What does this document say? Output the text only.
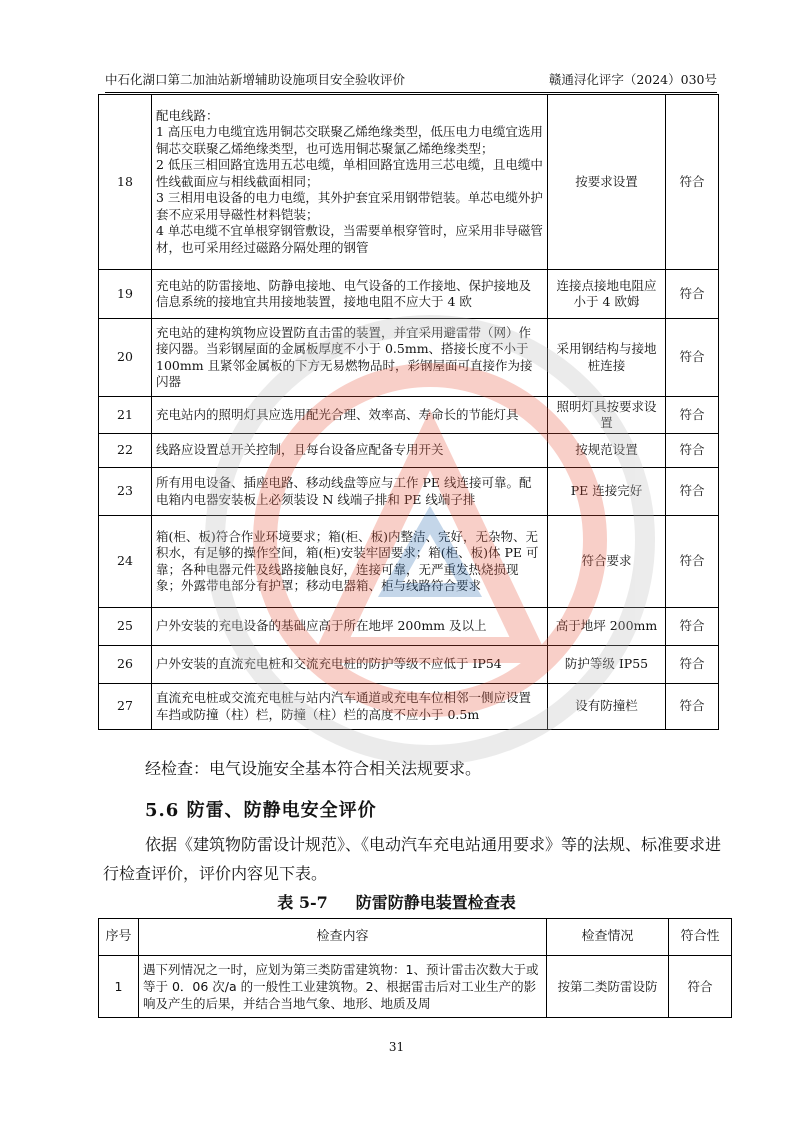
中石化湖口第二加油站新增辅助设施项目安全验收评价	赣通浔化评字（2024）030号
18	配电线路：
1 高压电力电缆宜选用铜芯交联聚乙烯绝缘类型，低压电力电缆宜选用铜芯交联聚乙烯绝缘类型，也可选用铜芯聚氯乙烯绝缘类型；
2 低压三相回路宜选用五芯电缆，单相回路宜选用三芯电缆，且电缆中性线截面应与相线截面相同；
3 三相用电设备的电力电缆，其外护套宜采用钢带铠装。单芯电缆外护套不应采用导磁性材料铠装；
4 单芯电缆不宜单根穿钢管敷设，当需要单根穿管时，应采用非导磁管材，也可采用经过磁路分隔处理的钢管	按要求设置	符合
19	充电站的防雷接地、防静电接地、电气设备的工作接地、保护接地及信息系统的接地宜共用接地装置，接地电阻不应大于 4 欧	连接点接地电阻应小于 4 欧姆	符合
20	充电站的建构筑物应设置防直击雷的装置，并宜采用避雷带（网）作接闪器。当彩钢屋面的金属板厚度不小于 0.5mm、搭接长度不小于 100mm 且紧邻金属板的下方无易燃物品时，彩钢屋面可直接作为接闪器	采用钢结构与接地桩连接	符合
21	充电站内的照明灯具应选用配光合理、效率高、寿命长的节能灯具	照明灯具按要求设置	符合
22	线路应设置总开关控制，且每台设备应配备专用开关	按规范设置	符合
23	所有用电设备、插座电路、移动线盘等应与工作 PE 线连接可靠。配电箱内电器安装板上必须装设 N 线端子排和 PE 线端子排	PE 连接完好	符合
24	箱(柜、板)符合作业环境要求；箱(柜、板)内整洁、完好，无杂物、无积水，有足够的操作空间，箱(柜)安装牢固要求；箱(柜、板)体 PE 可靠；各种电器元件及线路接触良好，连接可靠，无严重发热烧损现象；外露带电部分有护罩；移动电器箱、柜与线路符合要求	符合要求	符合
25	户外安装的充电设备的基础应高于所在地坪 200mm 及以上	高于地坪 200mm	符合
26	户外安装的直流充电桩和交流充电桩的防护等级不应低于 IP54	防护等级 IP55	符合
27	直流充电桩或交流充电桩与站内汽车通道或充电车位相邻一侧应设置车挡或防撞（柱）栏，防撞（柱）栏的高度不应小于 0.5m	设有防撞栏	符合
经检查：电气设施安全基本符合相关法规要求。
5.6 防雷、防静电安全评价
依据《建筑物防雷设计规范》、《电动汽车充电站通用要求》等的法规、标准要求进行检查评价，评价内容见下表。
表 5-7 防雷防静电装置检查表
序号	检查内容	检查情况	符合性
1	遇下列情况之一时，应划为第三类防雷建筑物：1、预计雷击次数大于或等于 0．06 次/a 的一般性工业建筑物。2、根据雷击后对工业生产的影响及产生的后果，并结合当地气象、地形、地质及周	按第二类防雷设防	符合
31
